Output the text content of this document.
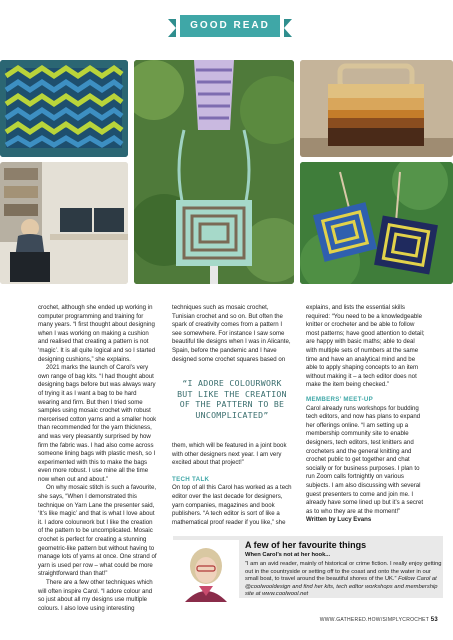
GOOD READ

crochet, although she ended up working in computer programming and training for many years. “I first thought about designing when I was working on making a cushion and realised that creating a pattern is not ‘magic’. It is all quite logical and so I started designing cushions,” she explains.

2021 marks the launch of Carol’s very own range of bag kits. “I had thought about designing bags before but was always wary of trying it as I want a bag to be hard wearing and firm. But then I tried some samples using mosaic crochet with robust mercerised cotton yarns and a smaller hook than recommended for the yarn thickness, and was very pleasantly surprised by how firm the fabric was. I had also come across someone lining bags with plastic mesh, so I experimented with this to make the bags even more robust. I use mine all the time now when out and about.”

On why mosaic stitch is such a favourite, she says, “When I demonstrated this technique on Yarn Lane the presenter said, ‘It’s like magic’ and that is what I love about it. I adore colourwork but I like the creation of the pattern to be uncomplicated. Mosaic crochet is perfect for creating a stunning geometric-like pattern but without having to manage lots of yarns at once. One strand of yarn is used per row – what could be more straightforward than that!”

There are a few other techniques which will often inspire Carol. “I adore colour and so just about all my designs use multiple colours. I also love using interesting

techniques such as mosaic crochet, Tunisian crochet and so on. But often the spark of creativity comes from a pattern I see somewhere. For instance I saw some beautiful tile designs when I was in Alicante, Spain, before the pandemic and I have designed some crochet squares based on

“I ADORE COLOURWORK BUT LIKE THE CREATION OF THE PATTERN TO BE UNCOMPLICATED”

them, which will be featured in a joint book with other designers next year. I am very excited about that project!”

TECH TALK

On top of all this Carol has worked as a tech editor over the last decade for designers, yarn companies, magazines and book publishers. “A tech editor is sort of like a mathematical proof reader if you like,” she

explains, and lists the essential skills required: “You need to be a knowledgeable knitter or crocheter and be able to follow most patterns; have good attention to detail; are happy with basic maths; able to deal with multiple sets of numbers at the same time and have an analytical mind and be able to apply shaping concepts to an item without making it – a tech editor does not make the item being checked.”

MEMBERS’ MEET-UP

Carol already runs workshops for budding tech editors, and now has plans to expand her offerings online. “I am setting up a membership community site to enable designers, tech editors, test knitters and crocheters and the general knitting and crochet public to get together and chat socially or for business purposes. I plan to run Zoom calls fortnightly on various subjects. I am also discussing with several guest presenters to come and join me. I already have some lined up but it’s a secret as to who they are at the moment!”

Written by Lucy Evans

A few of her favourite things
When Carol’s not at her hook...
“I am an avid reader, mainly of historical or crime fiction. I really enjoy getting out in the countryside or setting off to the coast and onto the water in our small boat, to travel around the beautiful shores of the UK.” Follow Carol at @coolwooldesign and find her kits, tech editor workshops and membership site at www.coolwool.net
WWW.GATHERED.HOW/SIMPLYCROCHET 53
